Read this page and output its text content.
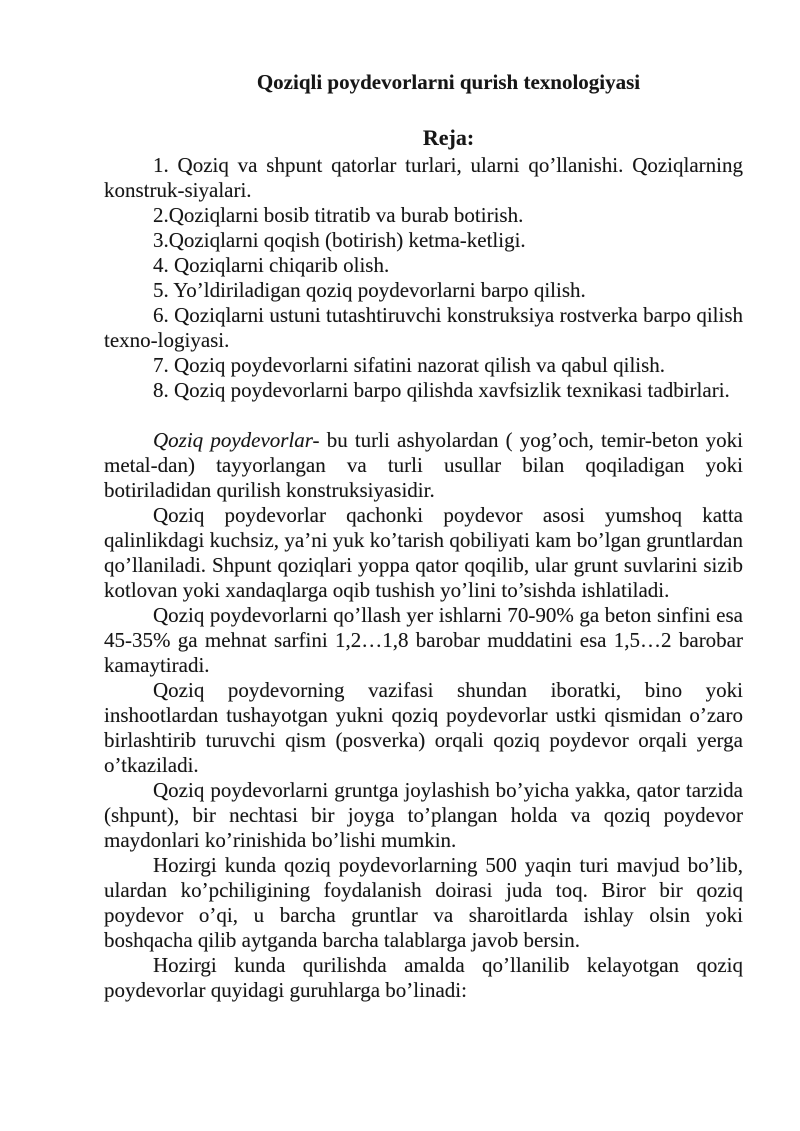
Qoziqli poydevorlarni qurish texnologiyasi
Reja:

1. Qoziq va shpunt qatorlar turlari, ularni qo’llanishi. Qoziqlarning konstruk-siyalari.

2.Qoziqlarni bosib titratib va burab botirish.

3.Qoziqlarni qoqish (botirish) ketma-ketligi.

4. Qoziqlarni chiqarib olish.

5. Yo’ldiriladigan qoziq poydevorlarni barpo qilish.

6. Qoziqlarni ustuni tutashtiruvchi konstruksiya rostverka barpo qilish texno-logiyasi.

7. Qoziq poydevorlarni sifatini nazorat qilish va qabul qilish.

8. Qoziq poydevorlarni barpo qilishda xavfsizlik texnikasi tadbirlari.

Qoziq poydevorlar- bu turli ashyolardan ( yog’och, temir-beton yoki metal-dan) tayyorlangan va turli usullar bilan qoqiladigan yoki botiriladidan qurilish konstruksiyasidir.

Qoziq poydevorlar qachonki poydevor asosi yumshoq katta qalinlikdagi kuchsiz, ya’ni yuk ko’tarish qobiliyati kam bo’lgan gruntlardan qo’llaniladi. Shpunt qoziqlari yoppa qator qoqilib, ular grunt suvlarini sizib kotlovan yoki xandaqlarga oqib tushish yo’lini to’sishda ishlatiladi.

Qoziq poydevorlarni qo’llash yer ishlarni 70-90% ga beton sinfini esa 45-35% ga mehnat sarfini 1,2…1,8 barobar muddatini esa 1,5…2 barobar kamaytiradi.

Qoziq poydevorning vazifasi shundan iboratki, bino yoki inshootlardan tushayotgan yukni qoziq poydevorlar ustki qismidan o’zaro birlashtirib turuvchi qism (posverka) orqali qoziq poydevor orqali yerga o’tkaziladi.

Qoziq poydevorlarni gruntga joylashish bo’yicha yakka, qator tarzida (shpunt), bir nechtasi bir joyga to’plangan holda va qoziq poydevor maydonlari ko’rinishida bo’lishi mumkin.

Hozirgi kunda qoziq poydevorlarning 500 yaqin turi mavjud bo’lib, ulardan ko’pchiligining foydalanish doirasi juda toq. Biror bir qoziq poydevor o’qi, u barcha gruntlar va sharoitlarda ishlay olsin yoki boshqacha qilib aytganda barcha talablarga javob bersin.

Hozirgi kunda qurilishda amalda qo’llanilib kelayotgan qoziq poydevorlar quyidagi guruhlarga bo’linadi:
